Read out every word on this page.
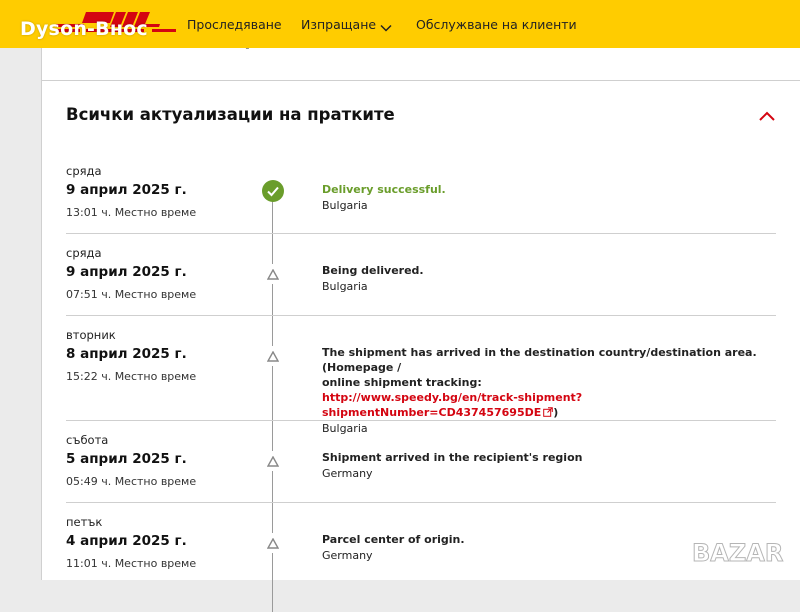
Всички актуализации на пратките
сряда
9 април 2025 г.
13:01 ч. Местно време
Delivery successful.
Bulgaria
сряда
9 април 2025 г.
07:51 ч. Местно време
Being delivered.
Bulgaria
вторник
8 април 2025 г.
15:22 ч. Местно време
The shipment has arrived in the destination country/destination area. (Homepage /
online shipment tracking:
http://www.speedy.bg/en/track-shipment?shipmentNumber=CD437457695DE )
Bulgaria
събота
5 април 2025 г.
05:49 ч. Местно време
Shipment arrived in the recipient's region
Germany
петък
4 април 2025 г.
11:01 ч. Местно време
Parcel center of origin.
Germany
Dyson-Внос	Проследяване Изпращане	Обслужване на клиенти
BAZAR
